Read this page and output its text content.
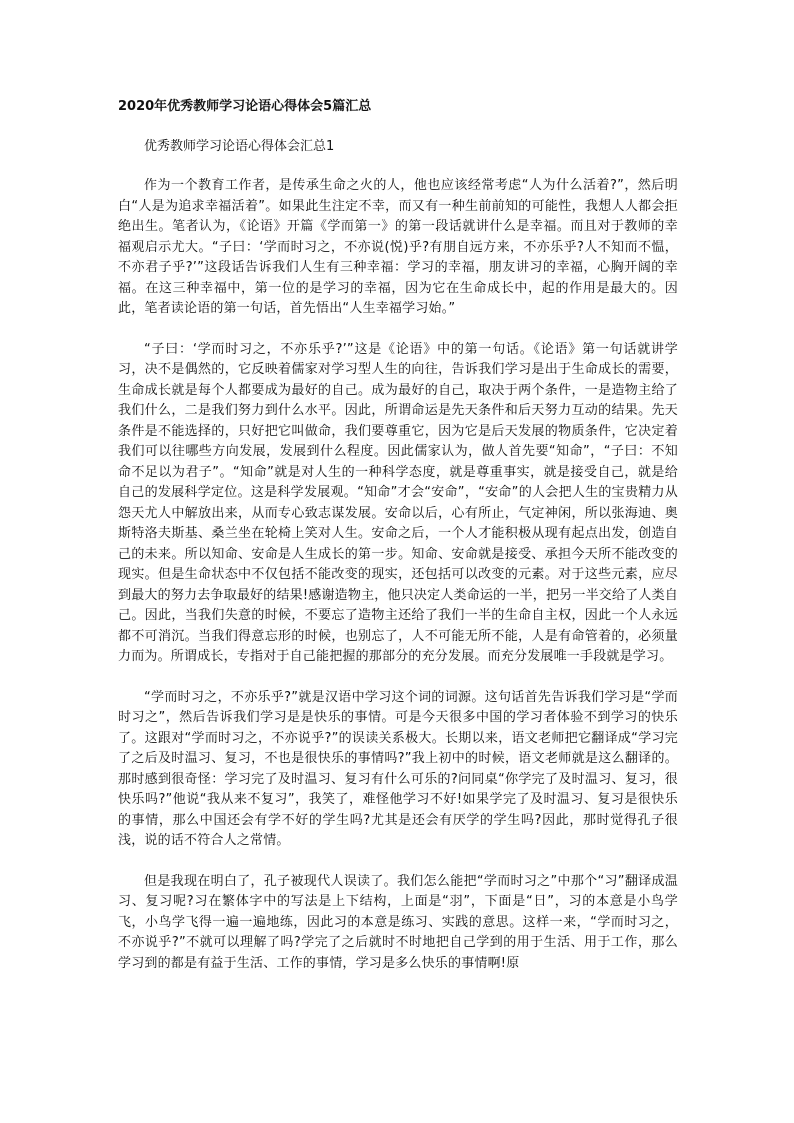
2020年优秀教师学习论语心得体会5篇汇总
优秀教师学习论语心得体会汇总1

作为一个教育工作者，是传承生命之火的人，他也应该经常考虑“人为什么活着?”，然后明白“人是为追求幸福活着”。如果此生注定不幸，而又有一种生前前知的可能性，我想人人都会拒绝出生。笔者认为，《论语》开篇《学而第一》的第一段话就讲什么是幸福。而且对于教师的幸福观启示尤大。“子曰：‘学而时习之，不亦说(悦)乎?有朋自远方来，不亦乐乎?人不知而不愠，不亦君子乎?’”这段话告诉我们人生有三种幸福：学习的幸福，朋友讲习的幸福，心胸开阔的幸福。在这三种幸福中，第一位的是学习的幸福，因为它在生命成长中，起的作用是最大的。因此，笔者读论语的第一句话，首先悟出“人生幸福学习始。”

“子曰：‘学而时习之，不亦乐乎?’”这是《论语》中的第一句话。《论语》第一句话就讲学习，决不是偶然的，它反映着儒家对学习型人生的向往，告诉我们学习是出于生命成长的需要，生命成长就是每个人都要成为最好的自己。成为最好的自己，取决于两个条件，一是造物主给了我们什么，二是我们努力到什么水平。因此，所谓命运是先天条件和后天努力互动的结果。先天条件是不能选择的，只好把它叫做命，我们要尊重它，因为它是后天发展的物质条件，它决定着我们可以往哪些方向发展，发展到什么程度。因此儒家认为，做人首先要“知命”，“子曰：不知命不足以为君子”。“知命”就是对人生的一种科学态度，就是尊重事实，就是接受自己，就是给自己的发展科学定位。这是科学发展观。“知命”才会“安命”，“安命”的人会把人生的宝贵精力从怨天尤人中解放出来，从而专心致志谋发展。安命以后，心有所止，气定神闲，所以张海迪、奥斯特洛夫斯基、桑兰坐在轮椅上笑对人生。安命之后，一个人才能积极从现有起点出发，创造自己的未来。所以知命、安命是人生成长的第一步。知命、安命就是接受、承担今天所不能改变的现实。但是生命状态中不仅包括不能改变的现实，还包括可以改变的元素。对于这些元素，应尽到最大的努力去争取最好的结果!感谢造物主，他只决定人类命运的一半，把另一半交给了人类自己。因此，当我们失意的时候，不要忘了造物主还给了我们一半的生命自主权，因此一个人永远都不可消沉。当我们得意忘形的时候，也别忘了，人不可能无所不能，人是有命管着的，必须量力而为。所谓成长，专指对于自己能把握的那部分的充分发展。而充分发展唯一手段就是学习。

“学而时习之，不亦乐乎?”就是汉语中学习这个词的词源。这句话首先告诉我们学习是“学而时习之”，然后告诉我们学习是是快乐的事情。可是今天很多中国的学习者体验不到学习的快乐了。这跟对“学而时习之，不亦说乎?”的误读关系极大。长期以来，语文老师把它翻译成“学习完了之后及时温习、复习，不也是很快乐的事情吗?”我上初中的时候，语文老师就是这么翻译的。那时感到很奇怪：学习完了及时温习、复习有什么可乐的?问同桌“你学完了及时温习、复习，很快乐吗?”他说“我从来不复习”，我笑了，难怪他学习不好!如果学完了及时温习、复习是很快乐的事情，那么中国还会有学不好的学生吗?尤其是还会有厌学的学生吗?因此，那时觉得孔子很浅，说的话不符合人之常情。

但是我现在明白了，孔子被现代人误读了。我们怎么能把“学而时习之”中那个“习”翻译成温习、复习呢?习在繁体字中的写法是上下结构，上面是“羽”，下面是“日”，习的本意是小鸟学飞，小鸟学飞得一遍一遍地练，因此习的本意是练习、实践的意思。这样一来，“学而时习之，不亦说乎?”不就可以理解了吗?学完了之后就时不时地把自己学到的用于生活、用于工作，那么学习到的都是有益于生活、工作的事情，学习是多么快乐的事情啊!原
